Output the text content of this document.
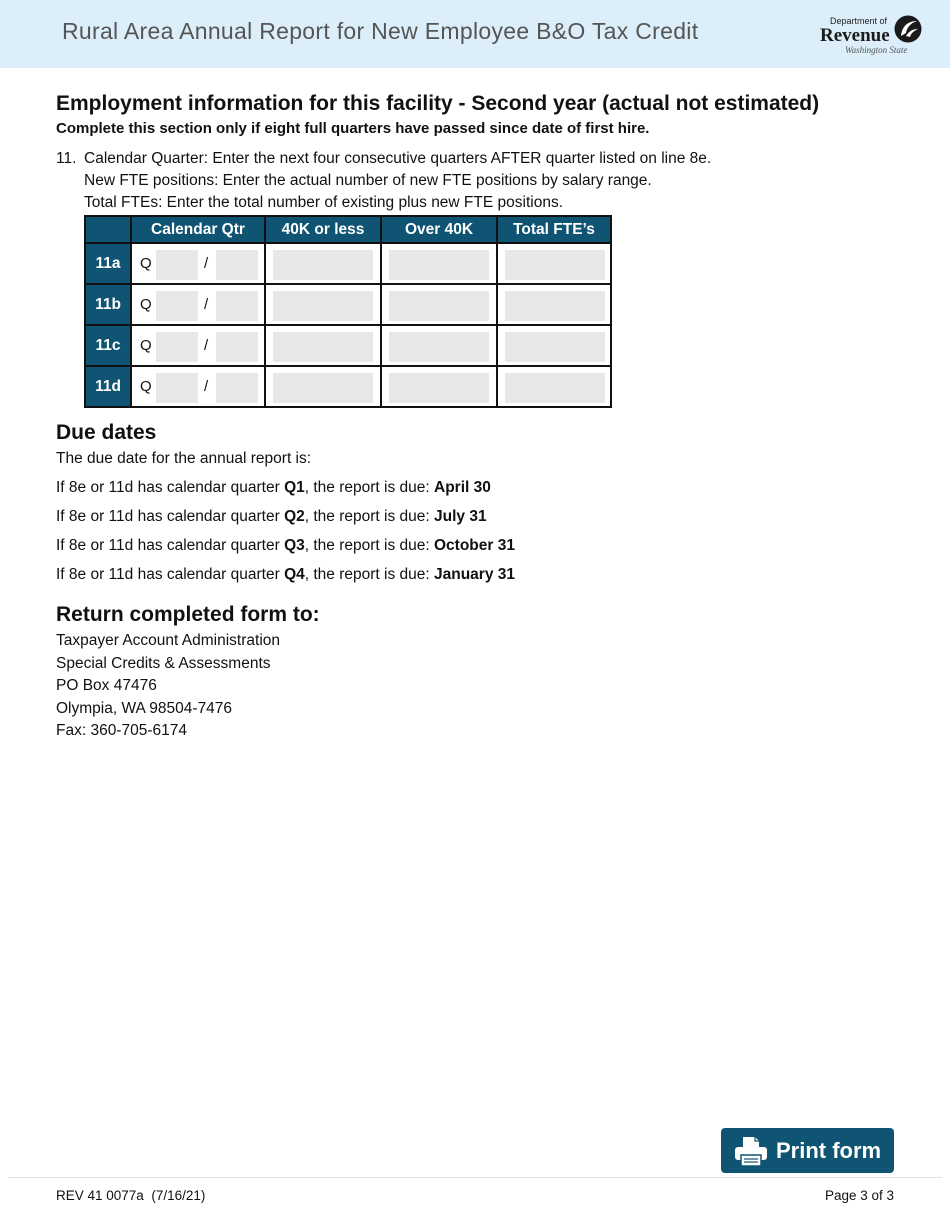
Rural Area Annual Report for New Employee B&O Tax Credit	Department of
Revenue
Washington State
Employment information for this facility - Second year (actual not estimated)
Complete this section only if eight full quarters have passed since date of first hire.
11. Calendar Quarter: Enter the next four consecutive quarters AFTER quarter listed on line 8e.
New FTE positions: Enter the actual number of new FTE positions by salary range.
Total FTEs: Enter the total number of existing plus new FTE positions.
	Calendar Qtr	40K or less	Over 40K	Total FTE’s
11a	Q /			

11b	Q /			

11c	Q /			

11d	Q /			

Due dates
The due date for the annual report is:
If 8e or 11d has calendar quarter Q1, the report is due: April 30
If 8e or 11d has calendar quarter Q2, the report is due: July 31
If 8e or 11d has calendar quarter Q3, the report is due: October 31
If 8e or 11d has calendar quarter Q4, the report is due: January 31
Return completed form to:
Taxpayer Account Administration
Special Credits & Assessments
PO Box 47476
Olympia, WA 98504-7476
Fax: 360-705-6174
Print form
REV 41 0077a  (7/16/21)	Page 3 of 3
